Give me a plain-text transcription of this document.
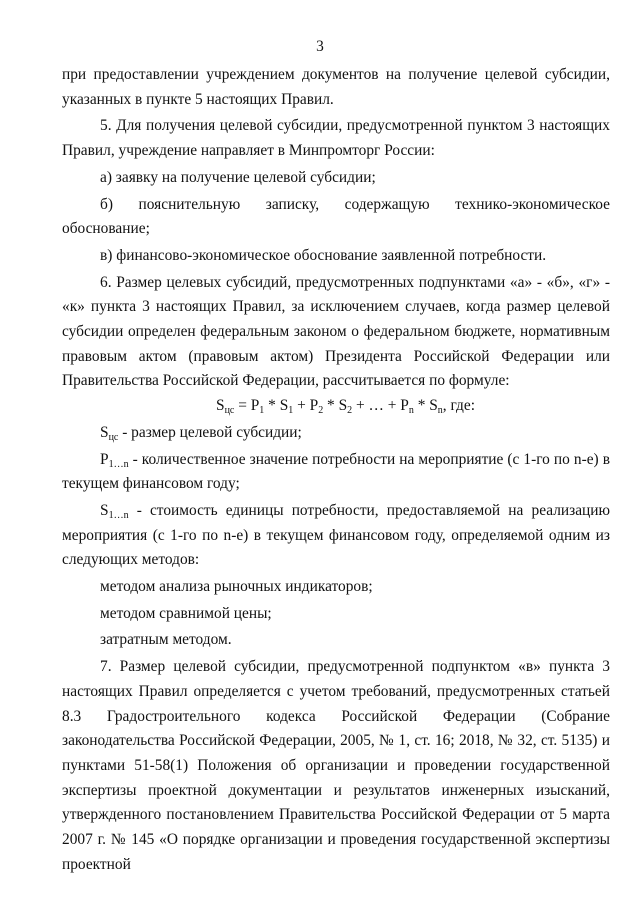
3

при предоставлении учреждением документов на получение целевой субсидии,

указанных в пункте 5 настоящих Правил.

5. Для получения целевой субсидии, предусмотренной пунктом 3 настоящих Правил, учреждение направляет в Минпромторг России:

а) заявку на получение целевой субсидии;

б) пояснительную записку, содержащую технико-экономическое

обоснование;

в) финансово-экономическое обоснование заявленной потребности.

6. Размер целевых субсидий, предусмотренных подпунктами «а» - «б», «г» - «к» пункта 3 настоящих Правил, за исключением случаев, когда размер целевой субсидии определен федеральным законом о федеральном бюджете, нормативным правовым актом (правовым актом) Президента Российской Федерации или Правительства Российской Федерации, рассчитывается по формуле:

$S_{цс} = P_1 * S_1 + P_2 * S_2$ + … + $P_n * S_n$, где:

$S_{цс}$ - размер целевой субсидии;

$P_{1\dots n}$ - количественное значение потребности на мероприятие (с 1-го по n-е) в текущем финансовом году;

$S_{1\dots n}$ - стоимость единицы потребности, предоставляемой на реализацию мероприятия (с 1-го по n-е) в текущем финансовом году, определяемой одним из следующих методов:

методом анализа рыночных индикаторов;

методом сравнимой цены;

затратным методом.

7. Размер целевой субсидии, предусмотренной подпунктом «в» пункта 3 настоящих Правил определяется с учетом требований, предусмотренных статьей 8.3 Градостроительного кодекса Российской Федерации (Собрание законодательства Российской Федерации, 2005, № 1, ст. 16; 2018, № 32, ст. 5135) и пунктами 51-58(1) Положения об организации и проведении государственной экспертизы проектной документации и результатов инженерных изысканий, утвержденного постановлением Правительства Российской Федерации от 5 марта 2007 г. № 145 «О порядке организации и проведения государственной экспертизы проектной
